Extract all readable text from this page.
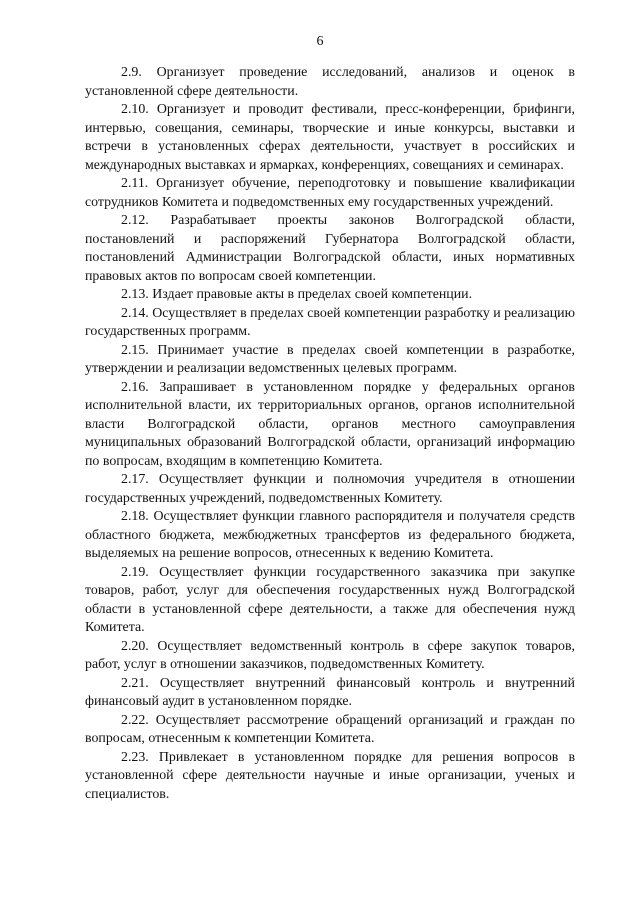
6

2.9. Организует проведение исследований, анализов и оценок в установленной сфере деятельности.

2.10. Организует и проводит фестивали, пресс-конференции, брифинги, интервью, совещания, семинары, творческие и иные конкурсы, выставки и встречи в установленных сферах деятельности, участвует в российских и международных выставках и ярмарках, конференциях, совещаниях и семинарах.

2.11. Организует обучение, переподготовку и повышение квалификации сотрудников Комитета и подведомственных ему государственных учреждений.

2.12. Разрабатывает проекты законов Волгоградской области, постановлений и распоряжений Губернатора Волгоградской области, постановлений Администрации Волгоградской области, иных нормативных правовых актов по вопросам своей компетенции.

2.13. Издает правовые акты в пределах своей компетенции.

2.14. Осуществляет в пределах своей компетенции разработку и реализацию государственных программ.

2.15. Принимает участие в пределах своей компетенции в разработке, утверждении и реализации ведомственных целевых программ.

2.16. Запрашивает в установленном порядке у федеральных органов исполнительной власти, их территориальных органов, органов исполнительной власти Волгоградской области, органов местного самоуправления муниципальных образований Волгоградской области, организаций информацию по вопросам, входящим в компетенцию Комитета.

2.17. Осуществляет функции и полномочия учредителя в отношении государственных учреждений, подведомственных Комитету.

2.18. Осуществляет функции главного распорядителя и получателя средств областного бюджета, межбюджетных трансфертов из федерального бюджета, выделяемых на решение вопросов, отнесенных к ведению Комитета.

2.19. Осуществляет функции государственного заказчика при закупке товаров, работ, услуг для обеспечения государственных нужд Волгоградской области в установленной сфере деятельности, а также для обеспечения нужд Комитета.

2.20. Осуществляет ведомственный контроль в сфере закупок товаров, работ, услуг в отношении заказчиков, подведомственных Комитету.

2.21. Осуществляет внутренний финансовый контроль и внутренний финансовый аудит в установленном порядке.

2.22. Осуществляет рассмотрение обращений организаций и граждан по вопросам, отнесенным к компетенции Комитета.

2.23. Привлекает в установленном порядке для решения вопросов в установленной сфере деятельности научные и иные организации, ученых и специалистов.
